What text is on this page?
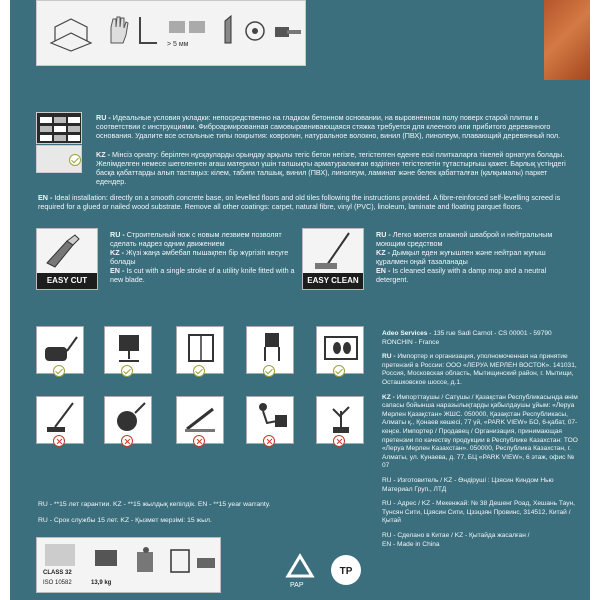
> 5 мм
RU - Идеальные условия укладки: непосредственно на гладком бетонном основании, на выровненном полу поверх старой плитки в соответствии с инструкциями. Фиброармированная самовыравнивающаяся стяжка требуется для клееного или прибитого деревянного основания. Удалите все остальные типы покрытия: ковролин, натуральное волокно, винил (ПВХ), линолеум, плавающий деревянный пол.
KZ - Мінсіз орнату: берілген нұсқауларды орындау арқылы тегіс бетон негізге, тегістелген еденге ескі плиткаларға тікелей орнатуға болады. Желімделген немесе шегеленген ағаш материал үшін талшықты арматураланған өздігінен тегістелетін тұтастырғыш қажет. Барлық үстіңдегі басқа қабаттарды алып тастаңыз: кілем, табиғи талшық, винил (ПВХ), линолеум, ламинат және белек қабатталған (қалқымалы) паркет едендер.
EN - Ideal installation: directly on a smooth concrete base, on levelled floors and old tiles following the instructions provided. A fibre-reinforced self-levelling screed is required for a glued or nailed wood substrate. Remove all other coatings: carpet, natural fibre, vinyl (PVC), linoleum, laminate and floating parquet floors.
EASY CUT
RU - Строительный нож с новым лезвием позволят сделать надрез одним движением
KZ - Жүзі жаңа әмбебап пышақпен бір жүргізіп кесуге болады
EN - Is cut with a single stroke of a utility knife fitted with a new blade.	EASY CLEAN
RU - Легко моется влажной шваброй и нейтральным моющим средством
KZ - Дымқыл еден жуғышпен және нейтрал жуғыш құралмен оңай тазаланады
EN - Is cleaned easily with a damp mop and a neutral detergent.
RU - **15 лет гарантии. KZ - **15 жылдық кепілдік. EN - **15 year warranty.
RU - Срок службы 15 лет. KZ - Қызмет мерзімі: 15 жыл.
CLASS 32
ISO 10582	13,9 kg	PAP
TP

Adeo Services - 135 rue Sadi Carnot - CS 00001 - 59790 RONCHIN - France

RU - Импортер и организация, уполномоченная на принятие претензий в России: ООО «ЛЕРУА МЕРЛЕН ВОСТОК». 141031, Россия, Московская область, Мытищинский район, г. Мытищи, Осташковское шоссе, д.1.

KZ - Импорттаушы / Сатушы / Қазақстан Республикасында өнім сапасы бойынша наразылықтарды қабылдаушы ұйым: «Леруа Мерлен Қазақстан» ЖШС. 050000, Қазақстан Республикасы, Алматы қ., Қонаев көшесі, 77 үй, «PARK VIEW» БО, 6-қабат, 07-кеңсе. Импортер / Продавец / Организация, принимающая претензии по качеству продукции в Республике Казахстан: ТОО «Леруа Мерлен Казахстан». 050000, Республика Казахстан, г. Алматы, ул. Кунаева, д. 77, БЦ «PARK VIEW», 6 этаж, офис № 07

RU - Изготовитель / KZ - Өндіруші : Цзясин Киндом Нью Материал Груп., ЛТД

RU - Адрес / KZ - Мекенжай: № 38 Дешенг Роад, Хешань Таун, Тунсян Сити, Цзясин Сити, Цзэцзян Провинс, 314512, Китай / Қытай

RU - Сделано в Китае / KZ - Қытайда жасалған /

EN - Made in China
